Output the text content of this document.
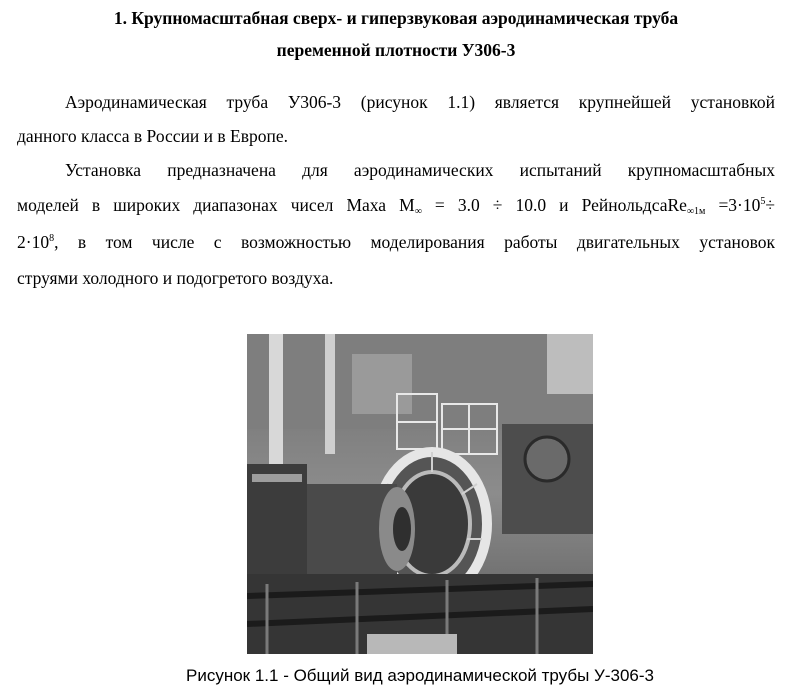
1. Крупномасштабная сверх- и гиперзвуковая аэродинамическая труба
переменной плотности У306-3
Аэродинамическая труба У306-3 (рисунок 1.1) является крупнейшей установкой
данного класса в России и в Европе.
Установка предназначена для аэродинамических испытаний крупномасштабных
моделей в широких диапазонах чисел Маха $M_\infty = 3.0 \div 10.0$ и РейнольдсаRe$_{\infty 1м}$ $=3\cdot 10^5\div$
$2\cdot 10^8$, в том числе с возможностью моделирования работы двигательных установок
струями холодного и подогретого воздуха.
Рисунок 1.1 - Общий вид аэродинамической трубы У-306-3
